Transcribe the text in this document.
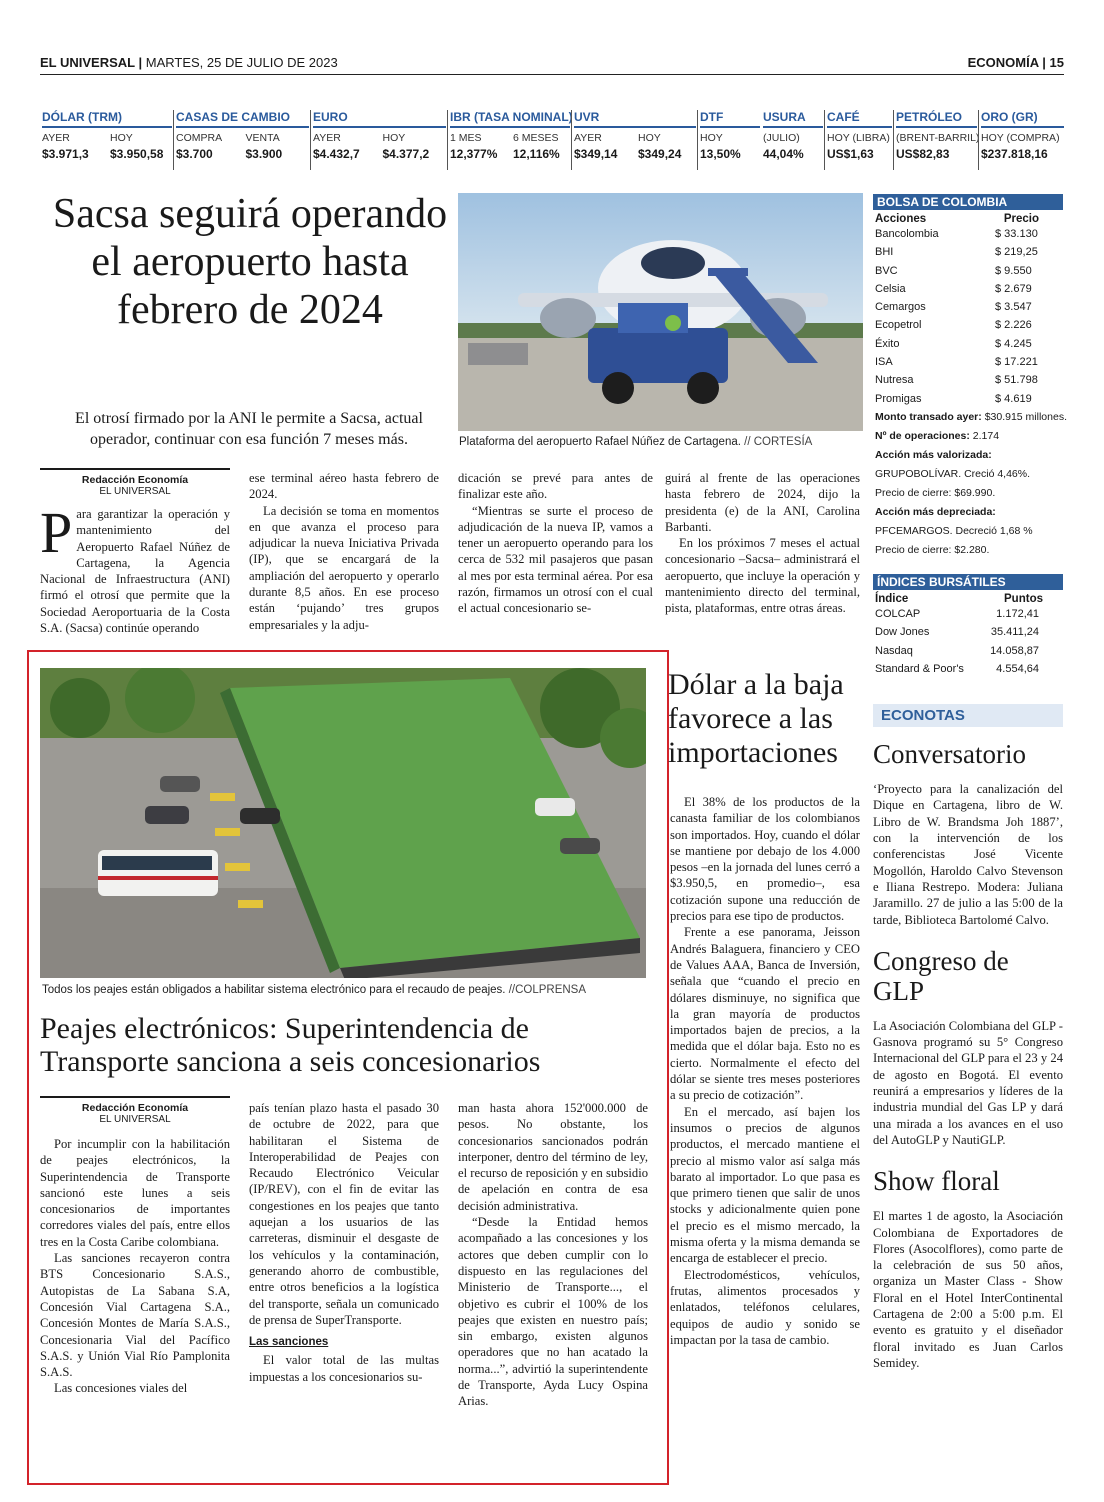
EL UNIVERSAL | MARTES, 25 DE JULIO DE 2023	ECONOMÍA | 15
DÓLAR (TRM)
AYER	HOY
$3.971,3	$3.950,58
CASAS DE CAMBIO
COMPRA	VENTA
$3.700	$3.900
EURO
AYER	HOY
$4.432,7	$4.377,2
IBR (TASA NOMINAL)
1 MES	6 MESES
12,377%	12,116%
UVR
AYER	HOY
$349,14	$349,24
DTF
HOY
13,50%
USURA
(JULIO)
44,04%
CAFÉ
HOY (LIBRA)
US$1,63
PETRÓLEO
(BRENT-BARRIL)
US$82,83
ORO (GR)
HOY (COMPRA)
$237.818,16
Sacsa seguirá operando el aeropuerto hasta febrero de 2024
El otrosí firmado por la ANI le permite a Sacsa, actual operador, continuar con esa función 7 meses más.	Plataforma del aeropuerto Rafael Núñez de Cartagena. // CORTESÍA
Redacción Economía
EL UNIVERSAL
P ara garantizar la operación y mantenimiento del Aeropuerto Rafael Núñez de Cartagena, la Agencia Nacional de Infraestructura (ANI) firmó el otrosí que permite que la Sociedad Aeroportuaria de la Costa S.A. (Sacsa) continúe operando

ese terminal aéreo hasta febrero de 2024.

La decisión se toma en momentos en que avanza el proceso para adjudicar la nueva Iniciativa Privada (IP), que se encargará de la ampliación del aeropuerto y operarlo durante 8,5 años. En ese proceso están ‘pujando’ tres grupos empresariales y la adju-

dicación se prevé para antes de finalizar este año.

“Mientras se surte el proceso de adjudicación de la nueva IP, vamos a tener un aeropuerto operando para los cerca de 532 mil pasajeros que pasan al mes por esta terminal aérea. Por esa razón, firmamos un otrosí con el cual el actual concesionario se-

guirá al frente de las operaciones hasta febrero de 2024, dijo la presidenta (e) de la ANI, Carolina Barbanti.

En los próximos 7 meses el actual concesionario –Sacsa– administrará el aeropuerto, que incluye la operación y mantenimiento directo del terminal, pista, plataformas, entre otras áreas.

Todos los peajes están obligados a habilitar sistema electrónico para el recaudo de peajes. //COLPRENSA
Peajes electrónicos: Superintendencia de Transporte sanciona a seis concesionarios
Redacción Economía
EL UNIVERSAL

Por incumplir con la habilitación de peajes electrónicos, la Superintendencia de Transporte sancionó este lunes a seis concesionarios de importantes corredores viales del país, entre ellos tres en la Costa Caribe colombiana.

Las sanciones recayeron contra BTS Concesionario S.A.S., Autopistas de La Sabana S.A, Concesión Vial Cartagena S.A., Concesión Montes de María S.A.S., Concesionaria Vial del Pacífico S.A.S. y Unión Vial Río Pamplonita S.A.S.

Las concesiones viales del

país tenían plazo hasta el pasado 30 de octubre de 2022, para que habilitaran el Sistema de Interoperabilidad de Peajes con Recaudo Electrónico Veicular (IP/REV), con el fin de evitar las congestiones en los peajes que tanto aquejan a los usuarios de las carreteras, disminuir el desgaste de los vehículos y la contaminación, generando ahorro de combustible, entre otros beneficios a la logística del transporte, señala un comunicado de prensa de SuperTransporte.

Las sanciones

El valor total de las multas impuestas a los concesionarios su-

man hasta ahora 152'000.000 de pesos. No obstante, los concesionarios sancionados podrán interponer, dentro del término de ley, el recurso de reposición y en subsidio de apelación en contra de esa decisión administrativa.

“Desde la Entidad hemos acompañado a las concesiones y los actores que deben cumplir con lo dispuesto en las regulaciones del Ministerio de Transporte..., el objetivo es cubrir el 100% de los peajes que existen en nuestro país; sin embargo, existen algunos operadores que no han acatado la norma...”, advirtió la superintendente de Transporte, Ayda Lucy Ospina Arias.

Dólar a la baja favorece a las importaciones

El 38% de los productos de la canasta familiar de los colombianos son importados. Hoy, cuando el dólar se mantiene por debajo de los 4.000 pesos –en la jornada del lunes cerró a $3.950,5, en promedio–, esa cotización supone una reducción de precios para ese tipo de productos.

Frente a ese panorama, Jeisson Andrés Balaguera, financiero y CEO de Values AAA, Banca de Inversión, señala que “cuando el precio en dólares disminuye, no significa que la gran mayoría de productos importados bajen de precios, a la medida que el dólar baja. Esto no es cierto. Normalmente el efecto del dólar se siente tres meses posteriores a su precio de cotización”.

En el mercado, así bajen los insumos o precios de algunos productos, el mercado mantiene el precio al mismo valor así salga más barato al importador. Lo que pasa es que primero tienen que salir de unos stocks y adicionalmente quien pone el precio es el mismo mercado, la misma oferta y la misma demanda se encarga de establecer el precio.

Electrodomésticos, vehículos, frutas, alimentos procesados y enlatados, teléfonos celulares, equipos de audio y sonido se impactan por la tasa de cambio.

BOLSA DE COLOMBIA
Acciones	Precio
Bancolombia	$ 33.130
BHI	$ 219,25
BVC	$ 9.550
Celsia	$ 2.679
Cemargos	$ 3.547
Ecopetrol	$ 2.226
Éxito	$ 4.245
ISA	$ 17.221
Nutresa	$ 51.798
Promigas	$ 4.619
Monto transado ayer: $30.915 millones.
Nº de operaciones: 2.174
Acción más valorizada:
GRUPOBOLÍVAR. Creció 4,46%.
Precio de cierre: $69.990.
Acción más depreciada:
PFCEMARGOS. Decreció 1,68 %
Precio de cierre: $2.280.
ÍNDICES BURSÁTILES
Índice	Puntos
COLCAP	1.172,41
Dow Jones	35.411,24
Nasdaq	14.058,87
Standard & Poor's	4.554,64
ECONOTAS
Conversatorio
‘Proyecto para la canalización del Dique en Cartagena, libro de W. Libro de W. Brandsma Joh 1887’, con la intervención de los conferencistas José Vicente Mogollón, Haroldo Calvo Stevenson e Iliana Restrepo. Modera: Juliana Jaramillo. 27 de julio a las 5:00 de la tarde, Biblioteca Bartolomé Calvo.
Congreso de GLP
La Asociación Colombiana del GLP - Gasnova programó su 5° Congreso Internacional del GLP para el 23 y 24 de agosto en Bogotá. El evento reunirá a empresarios y líderes de la industria mundial del Gas LP y dará una mirada a los avances en el uso del AutoGLP y NautiGLP.
Show floral
El martes 1 de agosto, la Asociación Colombiana de Exportadores de Flores (Asocolflores), como parte de la celebración de sus 50 años, organiza un Master Class - Show Floral en el Hotel InterContinental Cartagena de 2:00 a 5:00 p.m. El evento es gratuito y el diseñador floral invitado es Juan Carlos Semidey.
